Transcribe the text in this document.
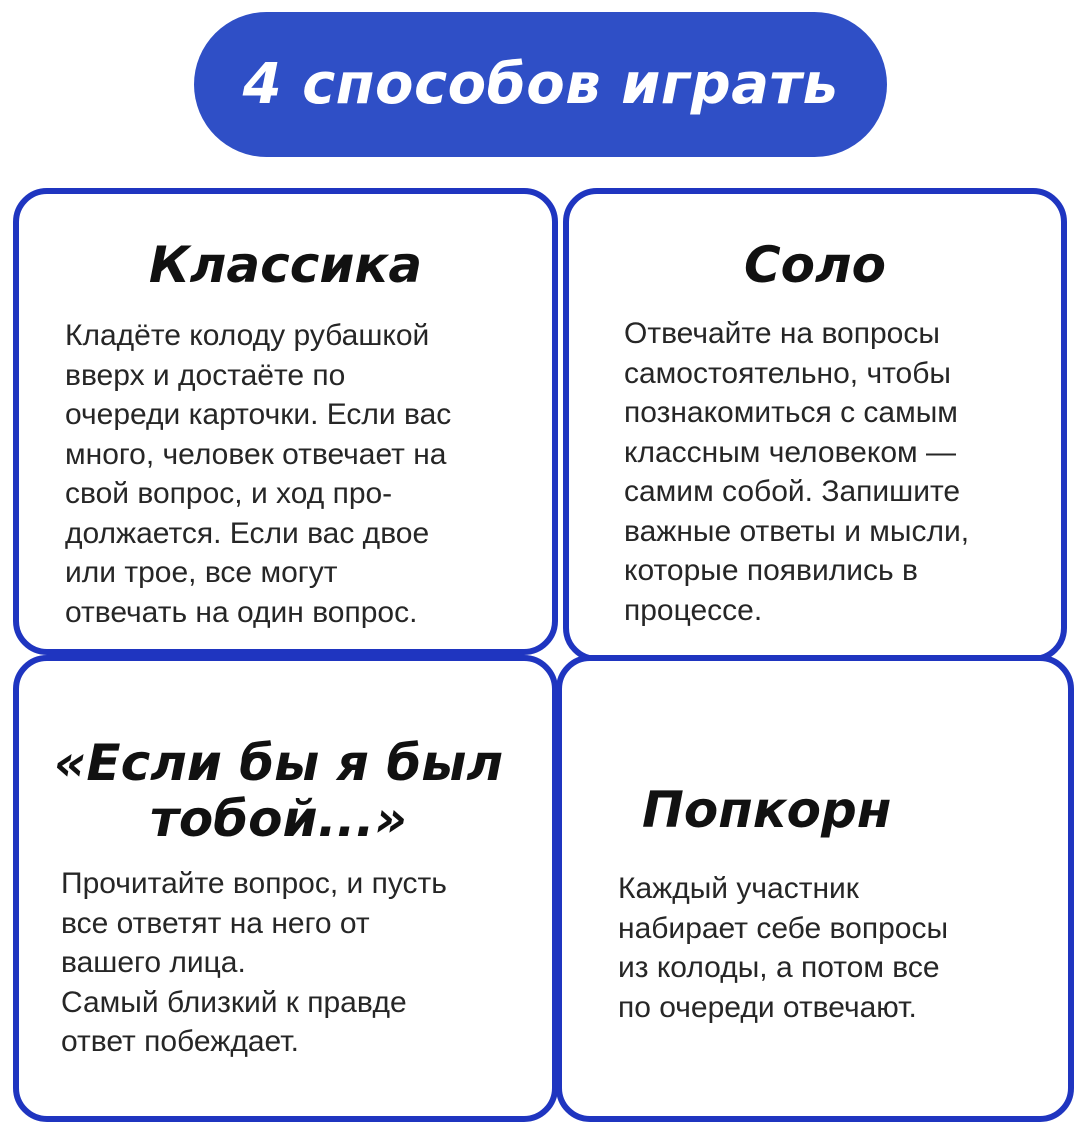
4 способов играть
Классика

Кладёте колоду рубашкой
вверх и достаёте по
очереди карточки. Если вас
много, человек отвечает на
свой вопрос, и ход про-
должается. Если вас двое
или трое, все могут
отвечать на один вопрос.

Соло

Отвечайте на вопросы
самостоятельно, чтобы
познакомиться с самым
классным человеком —
самим собой. Запишите
важные ответы и мысли,
которые появились в
процессе.

«Если бы я был
тобой...»

Прочитайте вопрос, и пусть
все ответят на него от
вашего лица.
Самый близкий к правде
ответ побеждает.

Попкорн

Каждый участник
набирает себе вопросы
из колоды, а потом все
по очереди отвечают.
